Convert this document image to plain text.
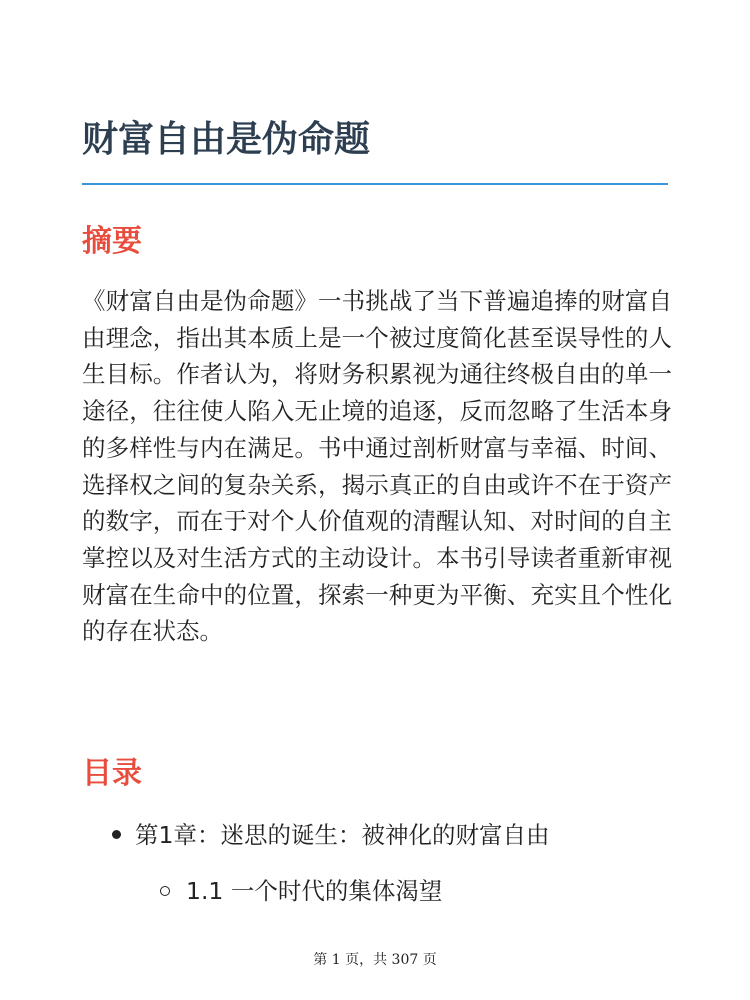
财富自由是伪命题
摘要

《财富自由是伪命题》一书挑战了当下普遍追捧的财富自由理念，指出其本质上是一个被过度简化甚至误导性的人生目标。作者认为，将财务积累视为通往终极自由的单一途径，往往使人陷入无止境的追逐，反而忽略了生活本身的多样性与内在满足。书中通过剖析财富与幸福、时间、选择权之间的复杂关系，揭示真正的自由或许不在于资产的数字，而在于对个人价值观的清醒认知、对时间的自主掌控以及对生活方式的主动设计。本书引导读者重新审视财富在生命中的位置，探索一种更为平衡、充实且个性化的存在状态。

目录
第1章：迷思的诞生：被神化的财富自由
1.1 一个时代的集体渴望
第 1 页，共 307 页
